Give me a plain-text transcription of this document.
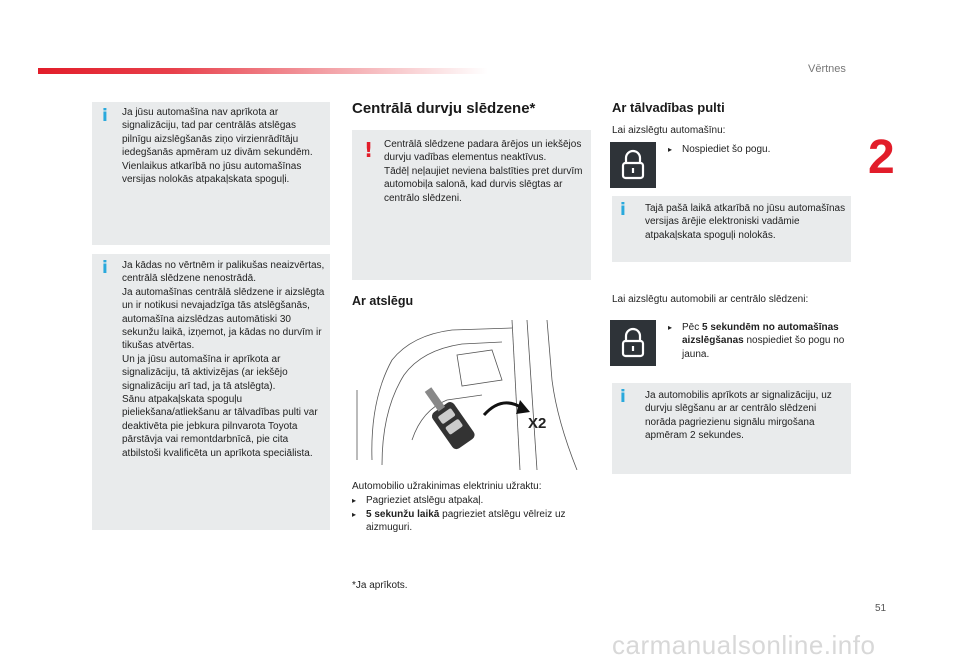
Vērtnes
2
i Ja jūsu automašīna nav aprīkota ar signalizāciju, tad par centrālās atslēgas pilnīgu aizslēgšanās ziņo virzienrādītāju iedegšanās apmēram uz divām sekundēm.
Vienlaikus atkarībā no jūsu automašīnas versijas nolokās atpakaļskata spoguļi.

i Ja kādas no vērtnēm ir palikušas neaizvērtas, centrālā slēdzene nenostrādā.
Ja automašīnas centrālā slēdzene ir aizslēgta un ir notikusi nevajadzīga tās atslēgšanās, automašīna aizslēdzas automātiski 30 sekunžu laikā, izņemot, ja kādas no durvīm ir tikušas atvērtas.
Un ja jūsu automašīna ir aprīkota ar signalizāciju, tā aktivizējas (ar iekšējo signalizāciju arī tad, ja tā atslēgta).
Sānu atpakaļskata spoguļu pieliekšana/atliekšanu ar tālvadības pulti var deaktivēta pie jebkura pilnvarota Toyota pārstāvja vai remontdarbnīcā, pie cita atbilstoši kvalificēta un aprīkota speciālista.

Centrālā durvju slēdzene*
! Centrālā slēdzene padara ārējos un iekšējos durvju vadības elementus neaktīvus.
Tādēļ neļaujiet neviena balstīties pret durvīm automobiļa salonā, kad durvis slēgtas ar centrālo slēdzeni.

Ar atslēgu
X2
Automobilio užrakinimas elektriniu užraktu:
▸ Pagrieziet atslēgu atpakaļ.
▸ 5 sekunžu laikā pagrieziet atslēgu vēlreiz uz aizmuguri.
*Ja aprīkots.
Ar tālvadības pulti
Lai aizslēgtu automašīnu:
▸ Nospiediet šo pogu.
i Tajā pašā laikā atkarībā no jūsu automašīnas versijas ārējie elektroniski vadāmie atpakaļskata spoguļi nolokās.

Lai aizslēgtu automobili ar centrālo slēdzeni:
▸ Pēc 5 sekundēm no automašīnas aizslēgšanas nospiediet šo pogu no jauna.
i Ja automobilis aprīkots ar signalizāciju, uz durvju slēgšanu ar ar centrālo slēdzeni norāda pagriezienu signālu mirgošana apmēram 2 sekundes.

51
carmanualsonline.info
